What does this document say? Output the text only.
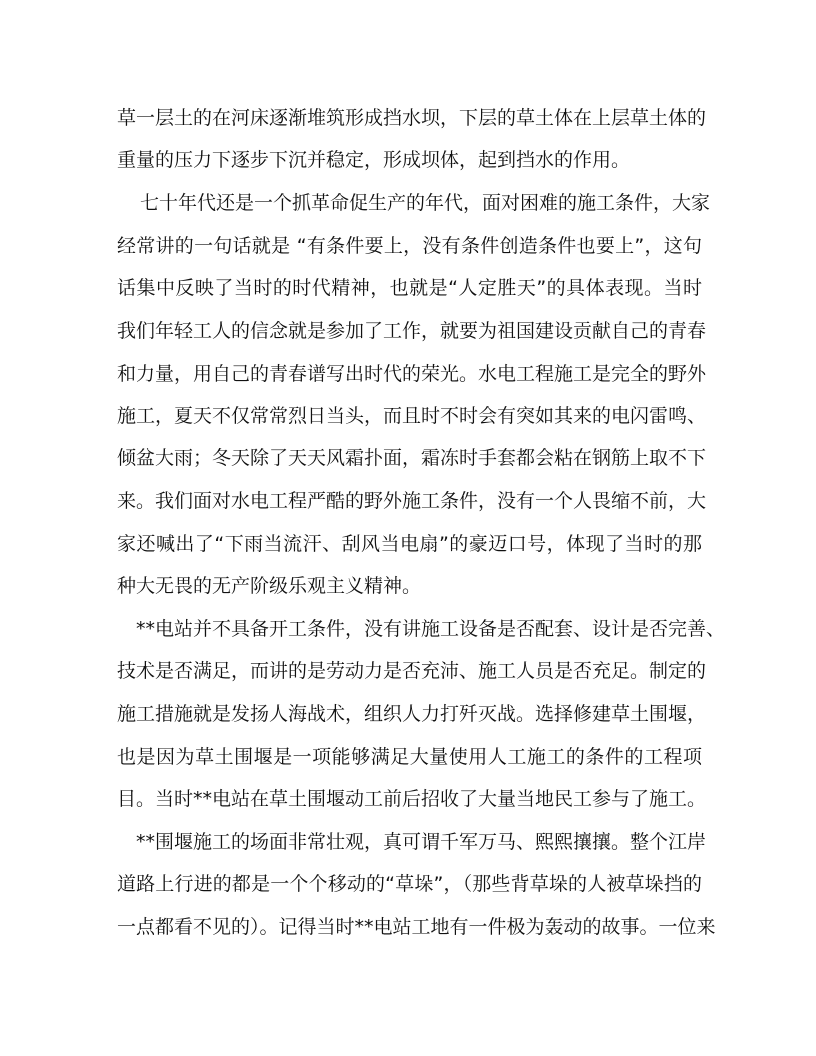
草一层土的在河床逐渐堆筑形成挡水坝，下层的草土体在上层草土体的
重量的压力下逐步下沉并稳定，形成坝体，起到挡水的作用。
七十年代还是一个抓革命促生产的年代，面对困难的施工条件，大家
经常讲的一句话就是 “有条件要上，没有条件创造条件也要上”，这句
话集中反映了当时的时代精神，也就是“人定胜天”的具体表现。当时
我们年轻工人的信念就是参加了工作，就要为祖国建设贡献自己的青春
和力量，用自己的青春谱写出时代的荣光。水电工程施工是完全的野外
施工，夏天不仅常常烈日当头，而且时不时会有突如其来的电闪雷鸣、
倾盆大雨；冬天除了天天风霜扑面，霜冻时手套都会粘在钢筋上取不下
来。我们面对水电工程严酷的野外施工条件，没有一个人畏缩不前，大
家还喊出了“下雨当流汗、刮风当电扇”的豪迈口号，体现了当时的那
种大无畏的无产阶级乐观主义精神。
**电站并不具备开工条件，没有讲施工设备是否配套、设计是否完善、
技术是否满足，而讲的是劳动力是否充沛、施工人员是否充足。制定的
施工措施就是发扬人海战术，组织人力打歼灭战。选择修建草土围堰，
也是因为草土围堰是一项能够满足大量使用人工施工的条件的工程项
目。当时**电站在草土围堰动工前后招收了大量当地民工参与了施工。
**围堰施工的场面非常壮观，真可谓千军万马、熙熙攘攘。整个江岸
道路上行进的都是一个个移动的“草垛”，（那些背草垛的人被草垛挡的
一点都看不见的）。记得当时**电站工地有一件极为轰动的故事。一位来
